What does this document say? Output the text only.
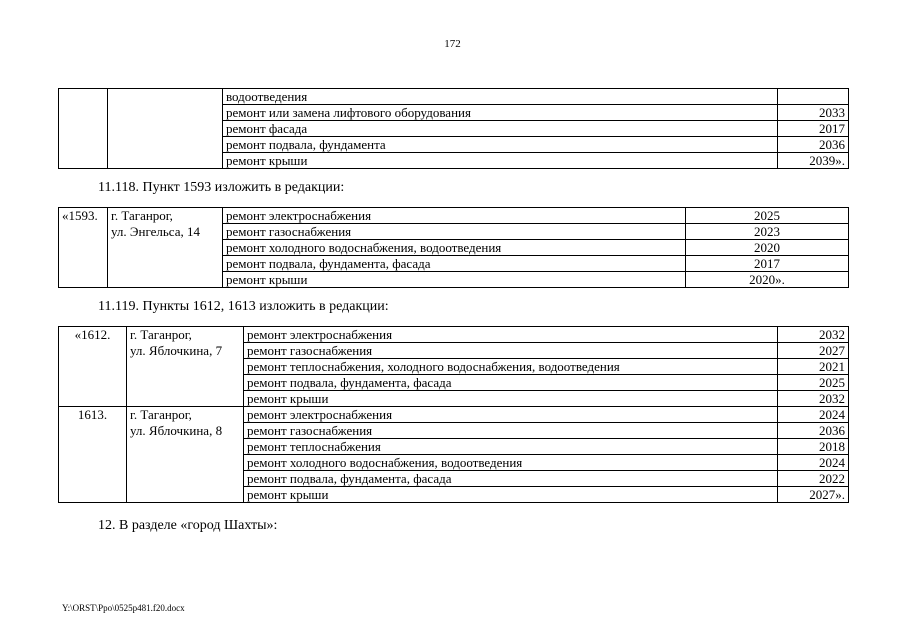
172
		водоотведения	
		ремонт или замена лифтового оборудования	2033
		ремонт фасада	2017
		ремонт подвала, фундамента	2036
		ремонт крыши	2039».
11.118. Пункт 1593 изложить в редакции:
«1593.	г. Таганрог,	ремонт электроснабжения	2025
	ул. Энгельса, 14	ремонт газоснабжения	2023
		ремонт холодного водоснабжения, водоотведения	2020
		ремонт подвала, фундамента, фасада	2017
		ремонт крыши	2020».
11.119. Пункты 1612, 1613 изложить в редакции:
«1612.	г. Таганрог,	ремонт электроснабжения	2032
	ул. Яблочкина, 7	ремонт газоснабжения	2027
		ремонт теплоснабжения, холодного водоснабжения, водоотведения	2021
		ремонт подвала, фундамента, фасада	2025
		ремонт крыши	2032
1613.	г. Таганрог,	ремонт электроснабжения	2024
	ул. Яблочкина, 8	ремонт газоснабжения	2036
		ремонт теплоснабжения	2018
		ремонт холодного водоснабжения, водоотведения	2024
		ремонт подвала, фундамента, фасада	2022
		ремонт крыши	2027».
12. В разделе «город Шахты»:
Y:\ORST\Ppo\0525p481.f20.docx
